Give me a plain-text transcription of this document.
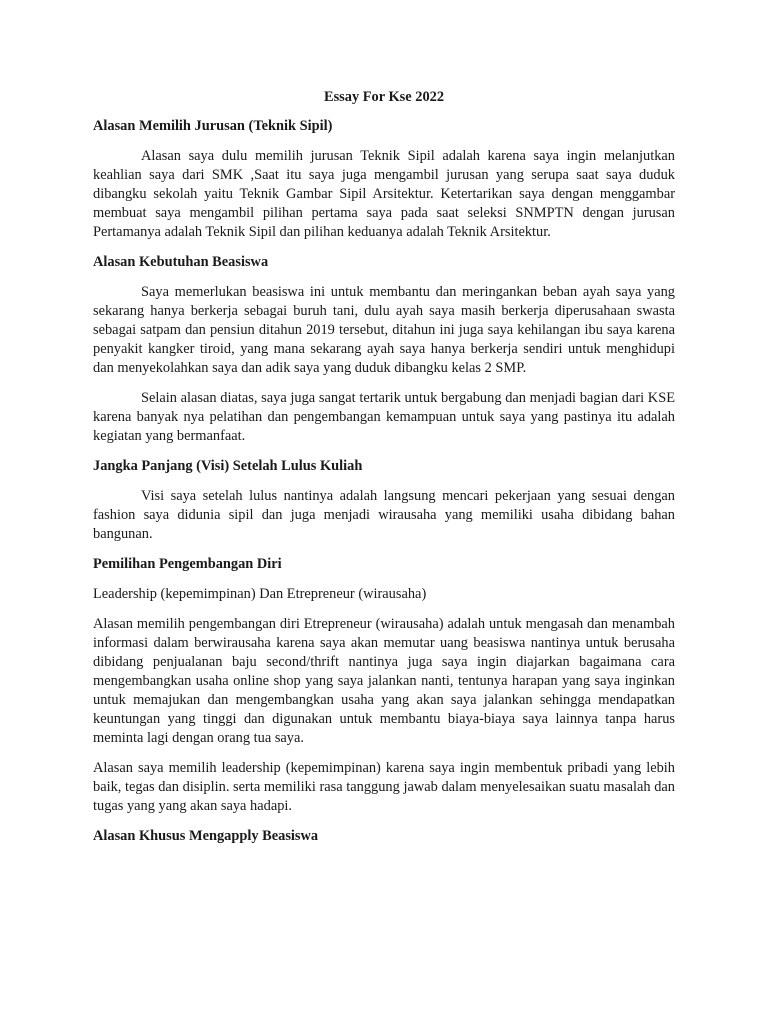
Essay For Kse 2022
Alasan Memilih Jurusan (Teknik Sipil)

Alasan saya dulu memilih jurusan Teknik Sipil adalah karena saya ingin melanjutkan keahlian saya dari SMK ,Saat itu saya juga mengambil jurusan yang serupa saat saya duduk dibangku sekolah yaitu Teknik Gambar Sipil Arsitektur. Ketertarikan saya dengan menggambar membuat saya mengambil pilihan pertama saya pada saat seleksi SNMPTN dengan jurusan Pertamanya adalah Teknik Sipil dan pilihan keduanya adalah Teknik Arsitektur.

Alasan Kebutuhan Beasiswa

Saya memerlukan beasiswa ini untuk membantu dan meringankan beban ayah saya yang sekarang hanya berkerja sebagai buruh tani, dulu ayah saya masih berkerja diperusahaan swasta sebagai satpam dan pensiun ditahun 2019 tersebut, ditahun ini juga saya kehilangan ibu saya karena penyakit kangker tiroid, yang mana sekarang ayah saya hanya berkerja sendiri untuk menghidupi dan menyekolahkan saya dan adik saya yang duduk dibangku kelas 2 SMP.

Selain alasan diatas, saya juga sangat tertarik untuk bergabung dan menjadi bagian dari KSE karena banyak nya pelatihan dan pengembangan kemampuan untuk saya yang pastinya itu adalah kegiatan yang bermanfaat.

Jangka Panjang (Visi) Setelah Lulus Kuliah

Visi saya setelah lulus nantinya adalah langsung mencari pekerjaan yang sesuai dengan fashion saya didunia sipil dan juga menjadi wirausaha yang memiliki usaha dibidang bahan bangunan.

Pemilihan Pengembangan Diri
Leadership (kepemimpinan) Dan Etrepreneur (wirausaha)

Alasan memilih pengembangan diri Etrepreneur (wirausaha) adalah untuk mengasah dan menambah informasi dalam berwirausaha karena saya akan memutar uang beasiswa nantinya untuk berusaha dibidang penjualanan baju second/thrift nantinya juga saya ingin diajarkan bagaimana cara mengembangkan usaha online shop yang saya jalankan nanti, tentunya harapan yang saya inginkan untuk memajukan dan mengembangkan usaha yang akan saya jalankan sehingga mendapatkan keuntungan yang tinggi dan digunakan untuk membantu biaya-biaya saya lainnya tanpa harus meminta lagi dengan orang tua saya.

Alasan saya memilih leadership (kepemimpinan) karena saya ingin membentuk pribadi yang lebih baik, tegas dan disiplin. serta memiliki rasa tanggung jawab dalam menyelesaikan suatu masalah dan tugas yang yang akan saya hadapi.

Alasan Khusus Mengapply Beasiswa
